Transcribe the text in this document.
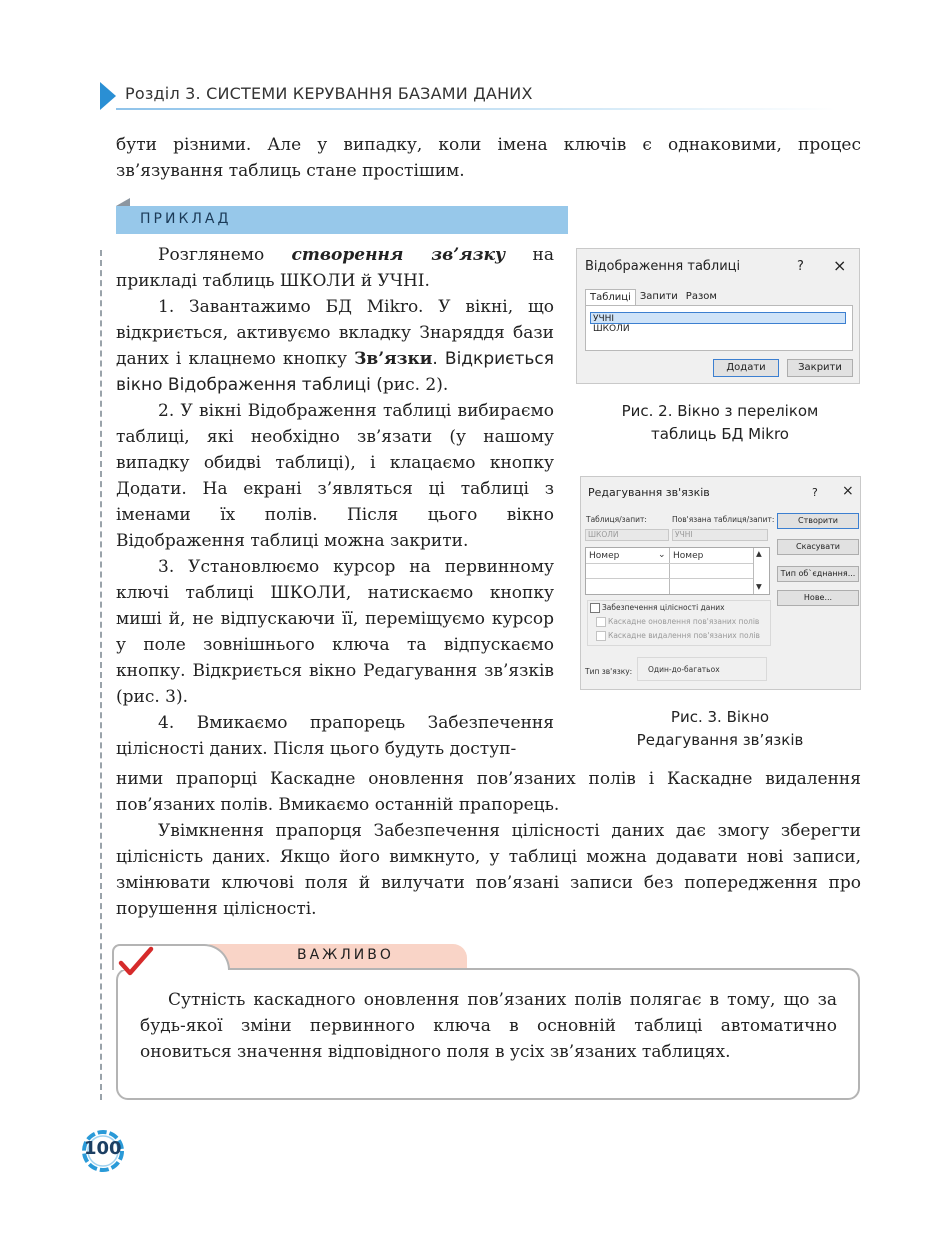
Розділ 3. СИСТЕМИ КЕРУВАННЯ БАЗАМИ ДАНИХ
бути різними. Але у випадку, коли імена ключів є однаковими, процес зв’язування таблиць стане простішим.
ПРИКЛАД
Розглянемо створення зв’язку на прикладі таблиць ШКОЛИ й УЧНІ.
1. Завантажимо БД Mikro. У вікні, що відкриється, активуємо вкладку Знаряддя бази даних і клацнемо кнопку Зв’язки. Відкриється вікно Відображення таблиці (рис. 2).
2. У вікні Відображення таблиці вибираємо таблиці, які необхідно зв’язати (у нашому випадку обидві таблиці), і клацаємо кнопку Додати. На екрані з’являться ці таблиці з іменами їх полів. Після цього вікно Відображення таблиці можна закрити.
3. Установлюємо курсор на первинному ключі таблиці ШКОЛИ, натискаємо кнопку миші й, не відпускаючи її, переміщуємо курсор у поле зовнішнього ключа та відпускаємо кнопку. Відкриється вікно Редагування зв’язків (рис. 3).
4. Вмикаємо прапорець Забезпечення цілісності даних. Після цього будуть доступ-
ними прапорці Каскадне оновлення пов’язаних полів і Каскадне видалення пов’язаних полів. Вмикаємо останній прапорець.
Увімкнення прапорця Забезпечення цілісності даних дає змогу зберегти цілісність даних. Якщо його вимкнуто, у таблиці можна додавати нові записи, змінювати ключові поля й вилучати пов’язані записи без попередження про порушення цілісності.
Відображення таблиці	? ×
Таблиці Запити Разом
УЧНІ
ШКОЛИ
Додати	Закрити
Рис. 2. Вікно з переліком
таблиць БД Mikro
Редагування зв'язків	? ×
Таблиця/запит:	Пов'язана таблиця/запит:
ШКОЛИ	УЧНІ
Номер	⌄ Номер	▲
▼
Забезпечення цілісності даних
Каскадне оновлення пов'язаних полів
Каскадне видалення пов'язаних полів
Тип зв'язку:	Один-до-багатьох
Створити
Скасувати
Тип об`єднання...
Нове...
Рис. 3. Вікно
Редагування зв’язків
ВАЖЛИВО
Сутність каскадного оновлення пов’язаних полів полягає в тому, що за будь-якої зміни первинного ключа в основній таблиці автоматично оновиться значення відповідного поля в усіх зв’язаних таблицях.
100
